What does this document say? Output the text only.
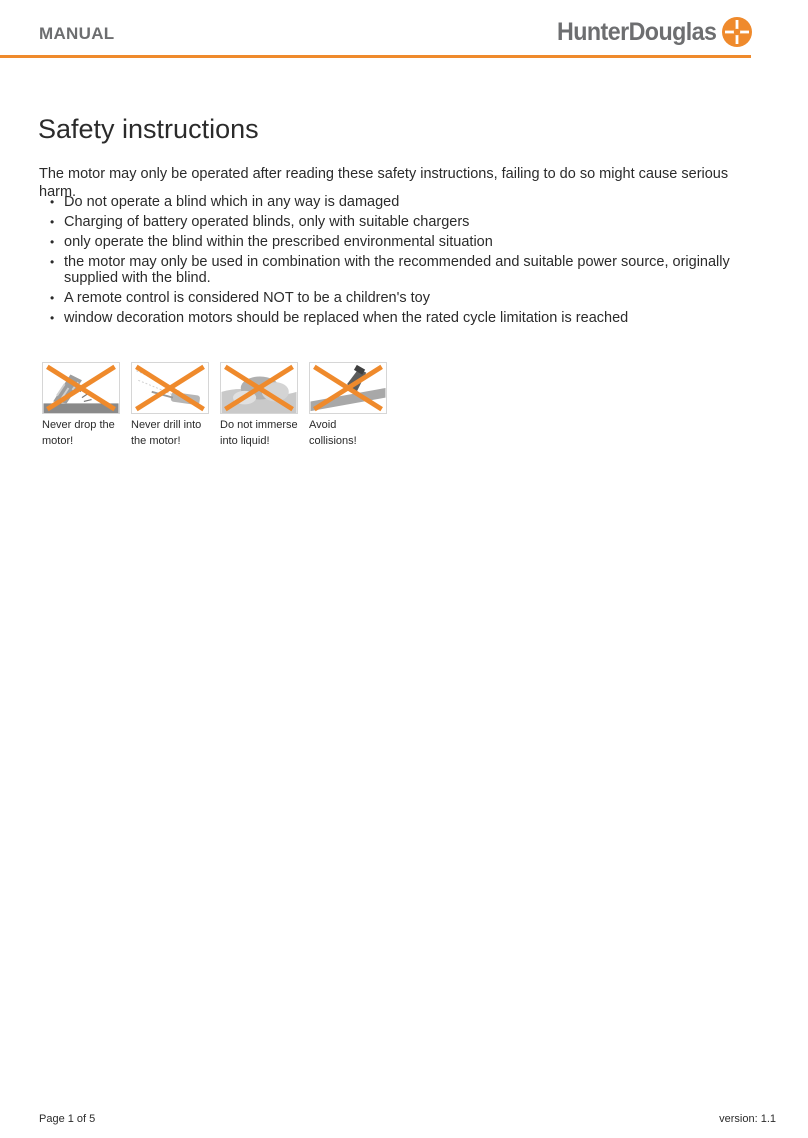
MANUAL	HunterDouglas
Safety instructions

The motor may only be operated after reading these safety instructions, failing to do so might cause serious harm.

• Do not operate a blind which in any way is damaged
• Charging of battery operated blinds, only with suitable chargers
• only operate the blind within the prescribed environmental situation
• the motor may only be used in combination with the recommended and suitable power source, originally supplied with the blind.
• A remote control is considered NOT to be a children's toy
• window decoration motors should be replaced when the rated cycle limitation is reached
Never drop the motor!
Never drill into the motor!
Do not immerse into liquid!
Avoid collisions!
Page 1 of 5	version: 1.1
